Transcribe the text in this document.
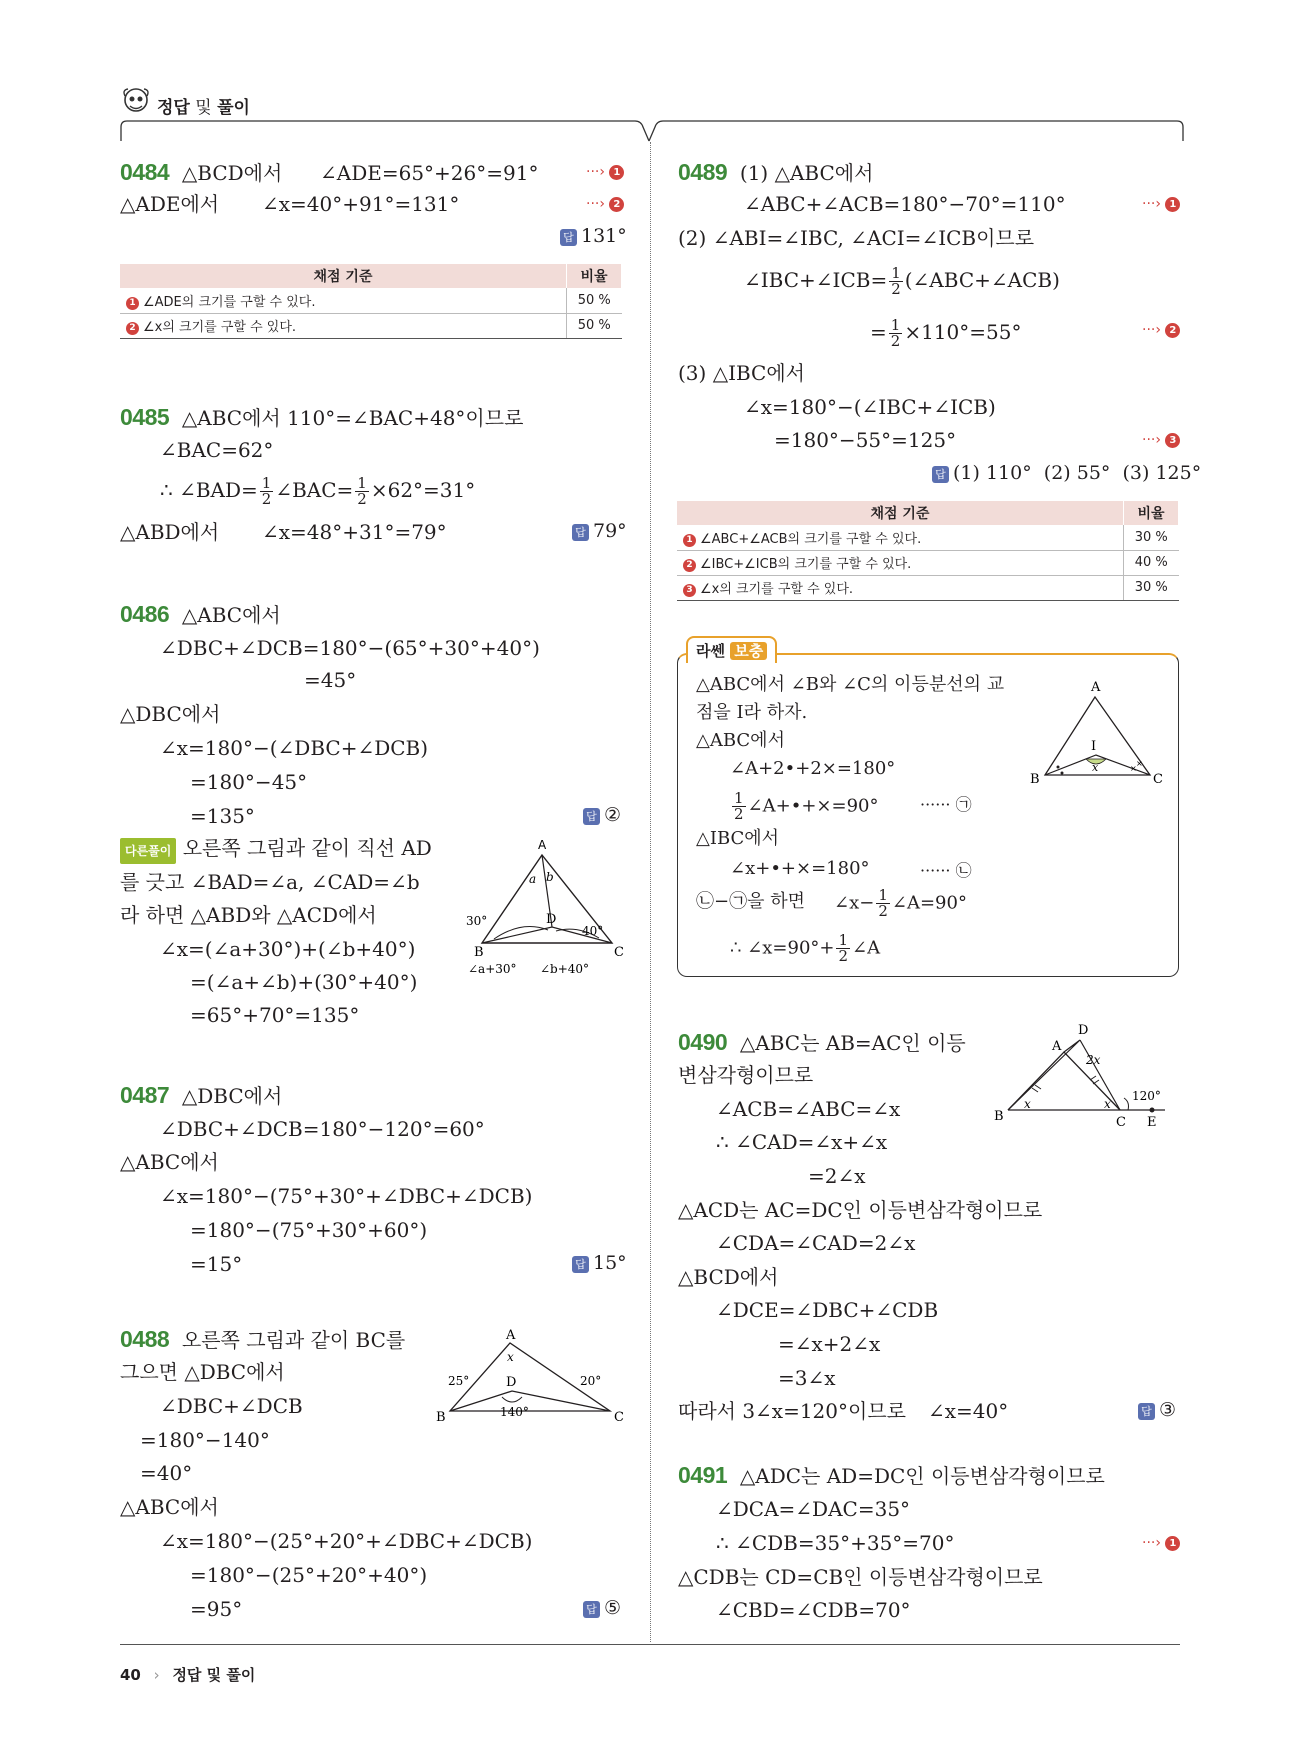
정답 및 풀이
0484 △BCD에서 ∠ADE=65°+26°=91°	···› 1
△ADE에서 ∠x=40°+91°=131°	···› 2
답 131°
채점 기준	비율
1 ∠ADE의 크기를 구할 수 있다.	50 %
2 ∠x의 크기를 구할 수 있다.	50 %
0485 △ABC에서 110°=∠BAC+48°이므로
∠BAC=62°
∴ ∠BAD= $\frac{1}{2}$ ∠BAC= $\frac{1}{2} \times 62^\circ=31^\circ$
△ABD에서 ∠x=48°+31°=79°	답 79°
0486 △ABC에서
∠DBC+∠DCB=180°−(65°+30°+40°)
=45°
△DBC에서
∠x=180°−(∠DBC+∠DCB)
=180°−45°
=135°	답 ②
다른풀이 오른쪽 그림과 같이 직선 AD
를 긋고 ∠BAD=∠a, ∠CAD=∠b
라 하면 △ABD와 △ACD에서
∠x=(∠a+30°)+(∠b+40°)
=(∠a+∠b)+(30°+40°)
=65°+70°=135°
A
B	C
D
a b
30°
40°
∠a+30° ∠b+40°
0487 △DBC에서
∠DBC+∠DCB=180°−120°=60°
△ABC에서
∠x=180°−(75°+30°+∠DBC+∠DCB)
=180°−(75°+30°+60°)
=15°	답 15°
0488 오른쪽 그림과 같이 BC를
그으면 △DBC에서
∠DBC+∠DCB
=180°−140°
=40°
△ABC에서
∠x=180°−(25°+20°+∠DBC+∠DCB)
=180°−(25°+20°+40°)
=95°	답 ⑤
A
B	C
D
x
25°	20°
140°
0489 (1) △ABC에서
∠ABC+∠ACB=180°−70°=110°	···› 1
(2) ∠ABI=∠IBC, ∠ACI=∠ICB이므로
∠IBC+∠ICB= $\frac{1}{2}$ (∠ABC+∠ACB)
= $\frac{1}{2} \times 110^\circ=55^\circ$	···› 2
(3) △IBC에서
∠x=180°−(∠IBC+∠ICB)
=180°−55°=125°	···› 3
답 (1) 110°  (2) 55°  (3) 125°
채점 기준	비율
1 ∠ABC+∠ACB의 크기를 구할 수 있다.	30 %
2 ∠IBC+∠ICB의 크기를 구할 수 있다.	40 %
3 ∠x의 크기를 구할 수 있다.	30 %
라쎈 보충
△ABC에서 ∠B와 ∠C의 이등분선의 교
점을 I라 하자.
△ABC에서
∠A+2•+2×=180°
$\frac{1}{2}$ ∠A+•+×=90°	······ ㉠
△IBC에서
∠x+•+×=180°	······ ㉡
㉡−㉠을 하면 ∠x− $\frac{1}{2}$ ∠A=90°
∴ ∠x=90°+ $\frac{1}{2}$ ∠A
×
×
A
B	C
I
x
0490 △ABC는 AB=AC인 이등
변삼각형이므로
∠ACB=∠ABC=∠x
∴ ∠CAD=∠x+∠x
=2∠x
△ACD는 AC=DC인 이등변삼각형이므로
∠CDA=∠CAD=2∠x
△BCD에서
∠DCE=∠DBC+∠CDB
=∠x+2∠x
=3∠x
따라서 3∠x=120°이므로 ∠x=40°	답 ③
D
A
B	C E
x	x
2x
120°
0491 △ADC는 AD=DC인 이등변삼각형이므로
∠DCA=∠DAC=35°
∴ ∠CDB=35°+35°=70°	···› 1
△CDB는 CD=CB인 이등변삼각형이므로
∠CBD=∠CDB=70°
40 › 정답 및 풀이
